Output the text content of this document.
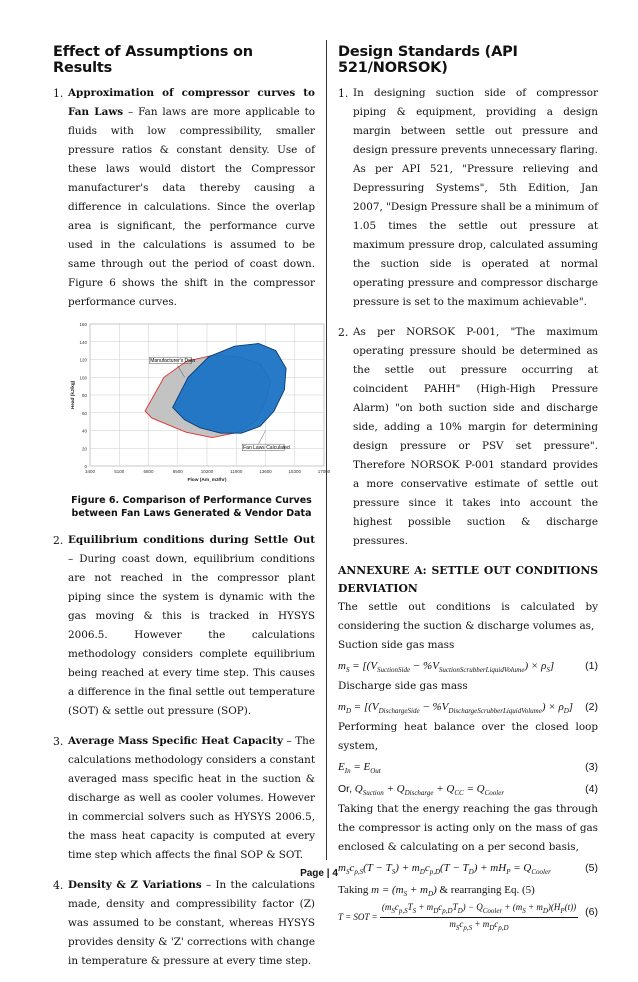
Effect of Assumptions on Results
1. Approximation of compressor curves to Fan Laws – Fan laws are more applicable to fluids with low compressibility, smaller pressure ratios & constant density. Use of these laws would distort the Compressor manufacturer's data thereby causing a difference in calculations. Since the overlap area is significant, the performance curve used in the calculations is assumed to be same through out the period of coast down. Figure 6 shows the shift in the compressor performance curves.

0
20
40
60
80
100
120
140
160
3400	5100	6800	8500	10200	11900	13600	15300	17000
Manufacturer's Data
Fan Laws Calculated
Flow (Am_m3/hr)
Head (kJ/kg)
Figure 6. Comparison of Performance Curves
between Fan Laws Generated & Vendor Data
2. Equilibrium conditions during Settle Out – During coast down, equilibrium conditions are not reached in the compressor plant piping since the system is dynamic with the gas moving & this is tracked in HYSYS 2006.5. However the calculations methodology considers complete equilibrium being reached at every time step. This causes a difference in the final settle out temperature (SOT) & settle out pressure (SOP).

3. Average Mass Specific Heat Capacity – The calculations methodology considers a constant averaged mass specific heat in the suction & discharge as well as cooler volumes. However in commercial solvers such as HYSYS 2006.5, the mass heat capacity is computed at every time step which affects the final SOP & SOT.

4. Density & Z Variations – In the calculations made, density and compressibility factor (Z) was assumed to be constant, whereas HYSYS provides density & 'Z' corrections with change in temperature & pressure at every time step.

Design Standards (API 521/NORSOK)
1. In designing suction side of compressor piping & equipment, providing a design margin between settle out pressure and design pressure prevents unnecessary flaring. As per API 521, "Pressure relieving and Depressuring Systems", 5th Edition, Jan 2007, "Design Pressure shall be a minimum of 1.05 times the settle out pressure at maximum pressure drop, calculated assuming the suction side is operated at normal operating pressure and compressor discharge pressure is set to the maximum achievable".

2. As per NORSOK P-001, "The maximum operating pressure should be determined as the settle out pressure occurring at coincident PAHH" (High-High Pressure Alarm) "on both suction side and discharge side, adding a 10% margin for determining design pressure or PSV set pressure". Therefore NORSOK P-001 standard provides a more conservative estimate of settle out pressure since it takes into account the highest possible suction & discharge pressures.

ANNEXURE A: SETTLE OUT CONDITIONS DERVIATION

The settle out conditions is calculated by considering the suction & discharge volumes as,

Suction side gas mass

$m_S = [(V_{SuctionSide} - \%V_{SuctionScrubberLiquidVolume}) \times \rho_S]$	(1)

Discharge side gas mass

$m_D = [(V_{DischargeSide} - \%V_{DischargeScrubberLiquidVolume}) \times \rho_D]$ (2)

Performing heat balance over the closed loop system,

$E_{In} = E_{Out}$	(3)
Or, $Q_{Suction} + Q_{Discharge} + Q_{CC} = Q_{Cooler}$	(4)

Taking that the energy reaching the gas through the compressor is acting only on the mass of gas enclosed & calculating on a per second basis,

$m_Sc_{p,S}(T - T_S) + m_Dc_{p,D}(T - T_D) + mH_P = Q_{Cooler}$	(5)
Taking $m = (m_S + m_D)$ & rearranging Eq. (5)
T = SOT =
$(m_Sc_{p,S}T_S + m_Dc_{p,D}T_D) - Q_{Cooler} + (m_S + m_D)(H_P(t))$
$m_Sc_{p,S} + m_Dc_{p,D}$
(6)
Page | 4
